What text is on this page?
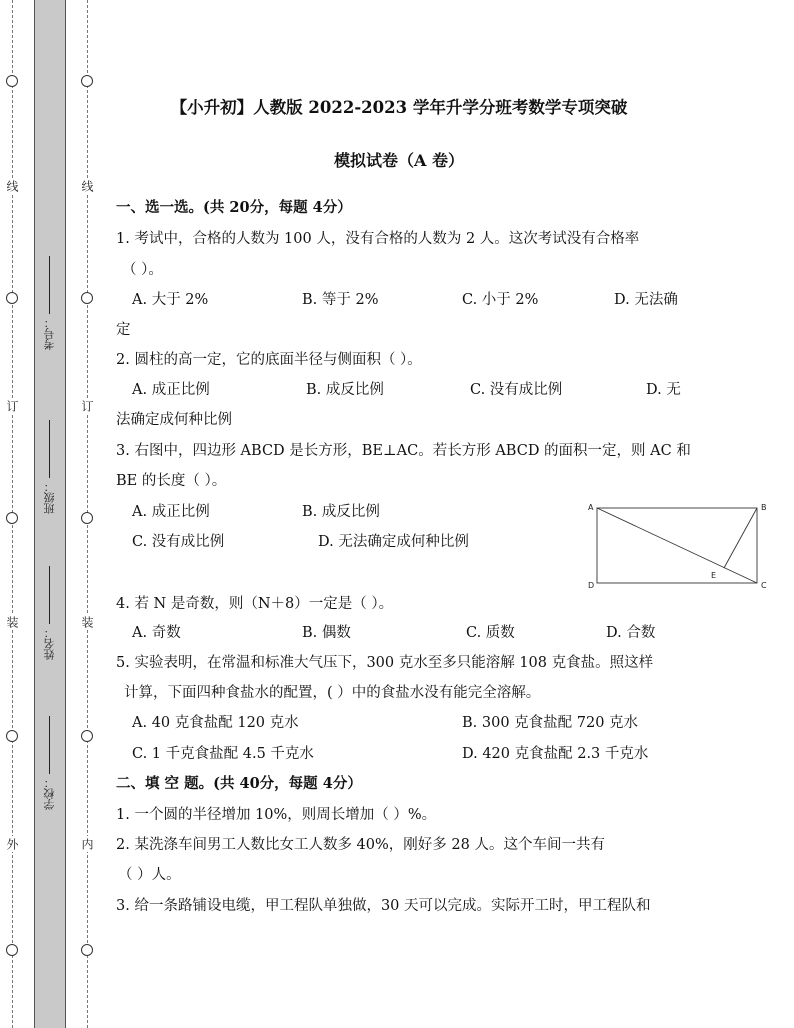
线
订
装
外
线
订
装
内
考号：
班级：
姓名：
学校：
【小升初】人教版 2022-2023 学年升学分班考数学专项突破
模拟试卷（A 卷）
一、选一选。(共 20分，每题 4分）
1. 考试中，合格的人数为 100 人，没有合格的人数为 2 人。这次考试没有合格率
（ ）。
A. 大于 2%	B. 等于 2%	C. 小于 2%	D. 无法确
定
2. 圆柱的高一定，它的底面半径与侧面积（ ）。
A. 成正比例	B. 成反比例	C. 没有成比例	D. 无
法确定成何种比例
3. 右图中，四边形 ABCD 是长方形，BE⊥AC。若长方形 ABCD 的面积一定，则 AC 和
BE 的长度（ ）。
A. 成正比例	B. 成反比例
C. 没有成比例	D. 无法确定成何种比例
A	B
C
D
E
4. 若 N 是奇数，则（N＋8）一定是（ ）。
A. 奇数	B. 偶数	C. 质数	D. 合数
5. 实验表明，在常温和标准大气压下，300 克水至多只能溶解 108 克食盐。照这样
计算，下面四种食盐水的配置，( ）中的食盐水没有能完全溶解。
A. 40 克食盐配 120 克水	B. 300 克食盐配 720 克水
C. 1 千克食盐配 4.5 千克水	D. 420 克食盐配 2.3 千克水
二、填 空 题。(共 40分，每题 4分）
1. 一个圆的半径增加 10%，则周长增加（ ）%。
2. 某洗涤车间男工人数比女工人数多 40%，刚好多 28 人。这个车间一共有
（ ）人。
3. 给一条路铺设电缆，甲工程队单独做，30 天可以完成。实际开工时，甲工程队和
